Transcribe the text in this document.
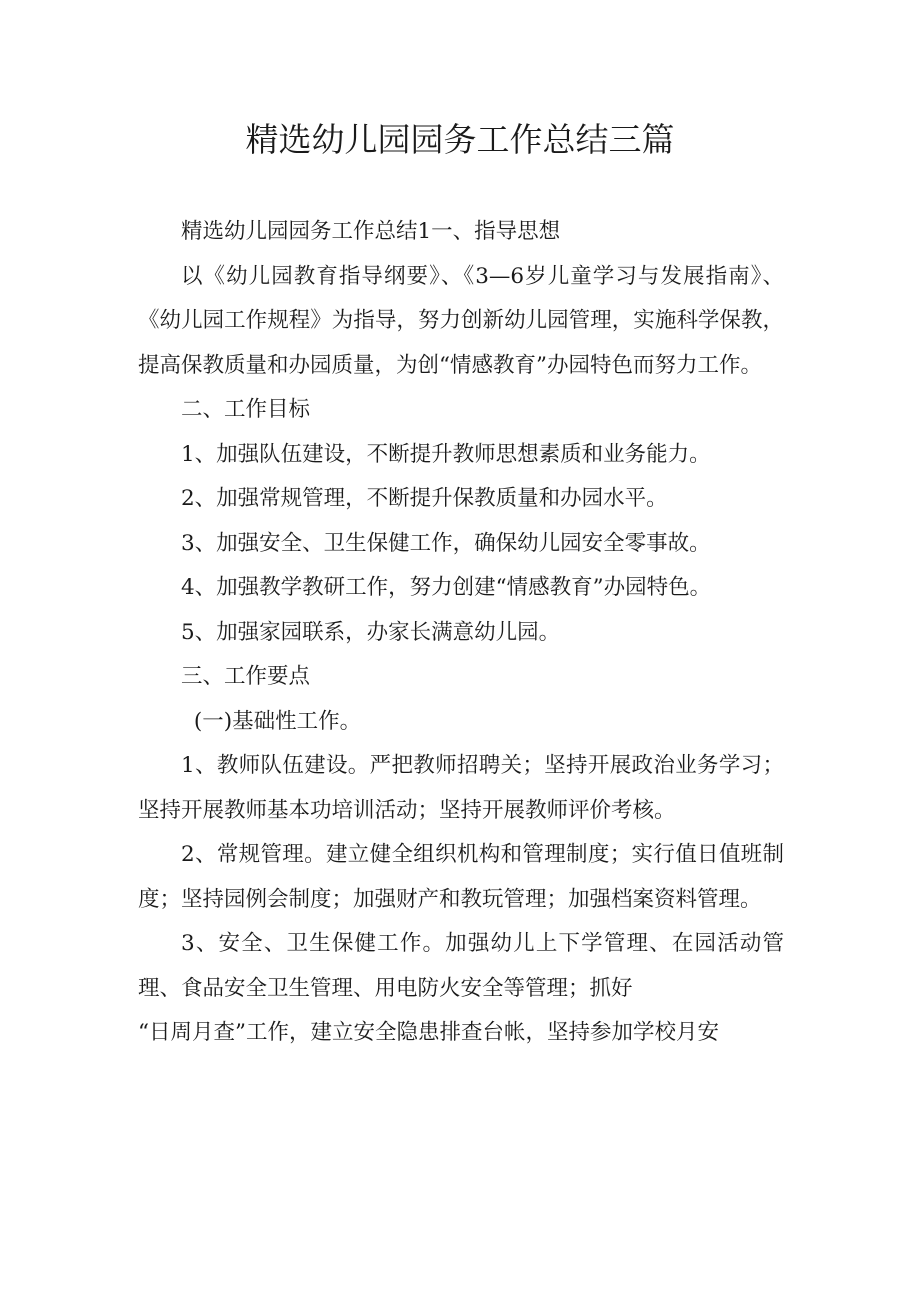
精选幼儿园园务工作总结三篇

精选幼儿园园务工作总结1一、指导思想

以《幼儿园教育指导纲要》、《3—6岁儿童学习与发展指南》、《幼儿园工作规程》为指导，努力创新幼儿园管理，实施科学保教，提高保教质量和办园质量，为创“情感教育”办园特色而努力工作。

二、工作目标

1、加强队伍建设，不断提升教师思想素质和业务能力。

2、加强常规管理，不断提升保教质量和办园水平。

3、加强安全、卫生保健工作，确保幼儿园安全零事故。

4、加强教学教研工作，努力创建“情感教育”办园特色。

5、加强家园联系，办家长满意幼儿园。

三、工作要点

(一)基础性工作。

1、教师队伍建设。严把教师招聘关；坚持开展政治业务学习；坚持开展教师基本功培训活动；坚持开展教师评价考核。

2、常规管理。建立健全组织机构和管理制度；实行值日值班制度；坚持园例会制度；加强财产和教玩管理；加强档案资料管理。

3、安全、卫生保健工作。加强幼儿上下学管理、在园活动管理、食品安全卫生管理、用电防火安全等管理；抓好

“日周月查”工作，建立安全隐患排查台帐，坚持参加学校月安
